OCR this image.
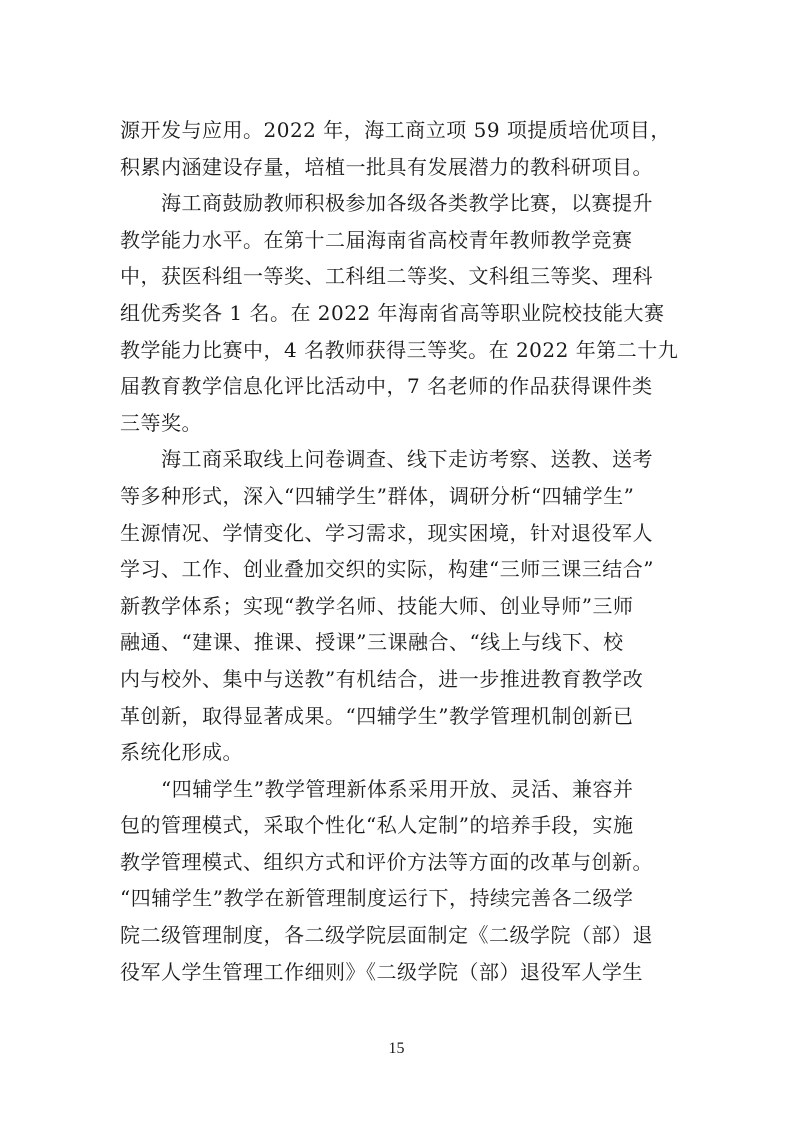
源开发与应用。2022 年，海工商立项 59 项提质培优项目，
积累内涵建设存量，培植一批具有发展潜力的教科研项目。
　　海工商鼓励教师积极参加各级各类教学比赛，以赛提升
教学能力水平。在第十二届海南省高校青年教师教学竞赛
中，获医科组一等奖、工科组二等奖、文科组三等奖、理科
组优秀奖各 1 名。在 2022 年海南省高等职业院校技能大赛
教学能力比赛中，4 名教师获得三等奖。在 2022 年第二十九
届教育教学信息化评比活动中，7 名老师的作品获得课件类
三等奖。
　　海工商采取线上问卷调查、线下走访考察、送教、送考
等多种形式，深入“四辅学生”群体，调研分析“四辅学生”
生源情况、学情变化、学习需求，现实困境，针对退役军人
学习、工作、创业叠加交织的实际，构建“三师三课三结合”
新教学体系；实现“教学名师、技能大师、创业导师”三师
融通、“建课、推课、授课”三课融合、“线上与线下、校
内与校外、集中与送教”有机结合，进一步推进教育教学改
革创新，取得显著成果。“四辅学生”教学管理机制创新已
系统化形成。
　　“四辅学生”教学管理新体系采用开放、灵活、兼容并
包的管理模式，采取个性化“私人定制”的培养手段，实施
教学管理模式、组织方式和评价方法等方面的改革与创新。
“四辅学生”教学在新管理制度运行下，持续完善各二级学
院二级管理制度，各二级学院层面制定《二级学院（部）退
役军人学生管理工作细则》《二级学院（部）退役军人学生
15
